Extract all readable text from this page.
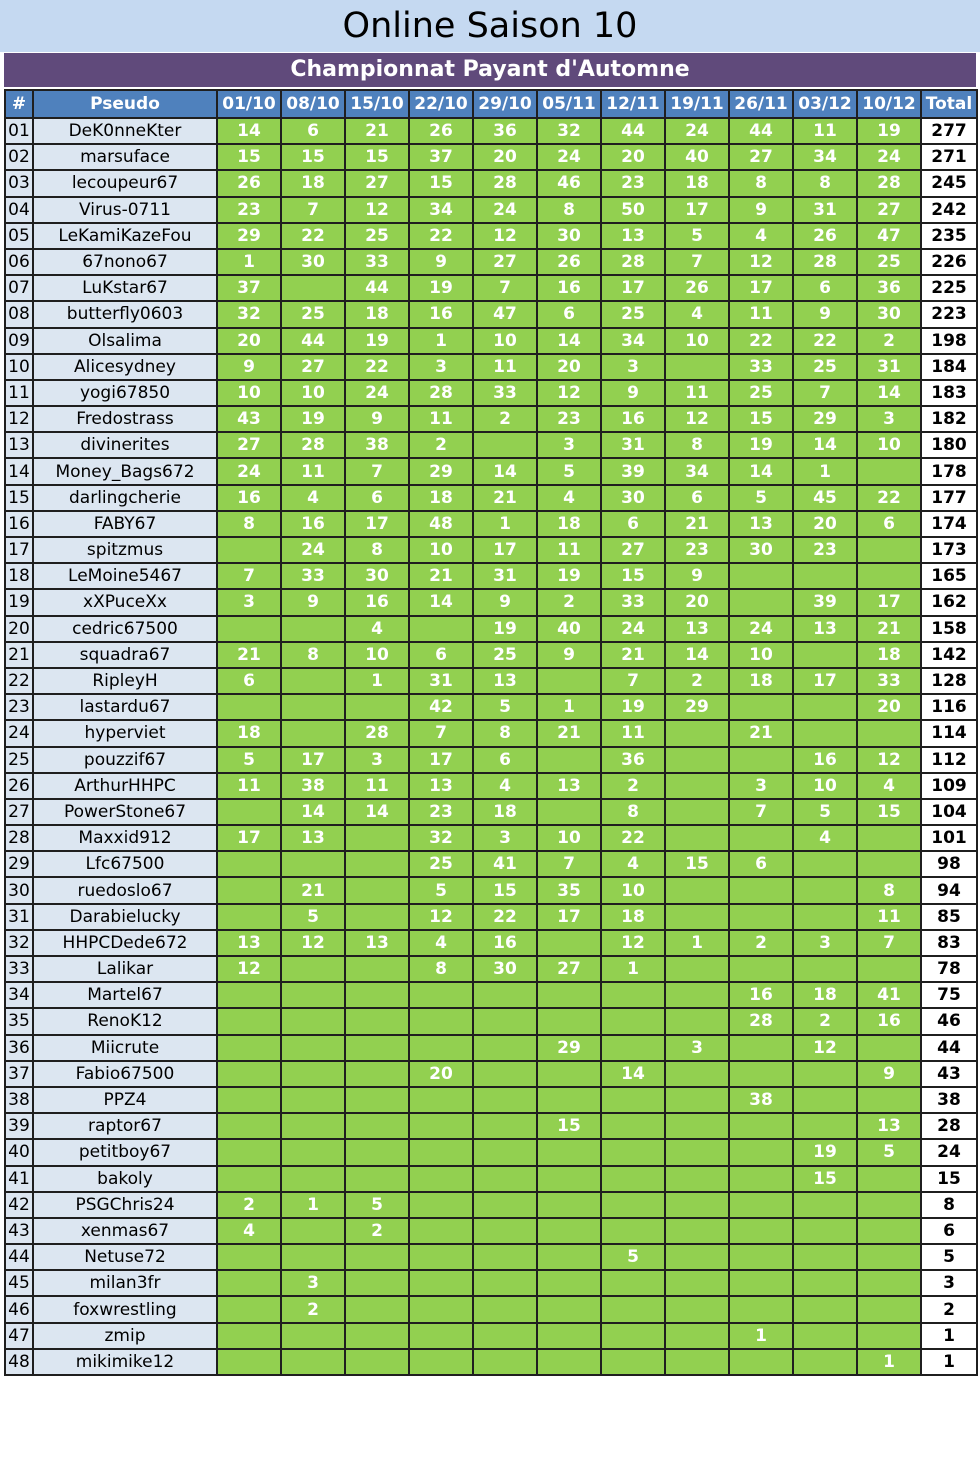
Online Saison 10
Championnat Payant d'Automne
#	Pseudo	01/10	08/10	15/10	22/10	29/10	05/11	12/11	19/11	26/11	03/12	10/12	Total
01	DeK0nneKter	14	6	21	26	36	32	44	24	44	11	19	277
02	marsuface	15	15	15	37	20	24	20	40	27	34	24	271
03	lecoupeur67	26	18	27	15	28	46	23	18	8	8	28	245
04	Virus-0711	23	7	12	34	24	8	50	17	9	31	27	242
05	LeKamiKazeFou	29	22	25	22	12	30	13	5	4	26	47	235
06	67nono67	1	30	33	9	27	26	28	7	12	28	25	226
07	LuKstar67	37		44	19	7	16	17	26	17	6	36	225
08	butterfly0603	32	25	18	16	47	6	25	4	11	9	30	223
09	Olsalima	20	44	19	1	10	14	34	10	22	22	2	198
10	Alicesydney	9	27	22	3	11	20	3		33	25	31	184
11	yogi67850	10	10	24	28	33	12	9	11	25	7	14	183
12	Fredostrass	43	19	9	11	2	23	16	12	15	29	3	182
13	divinerites	27	28	38	2		3	31	8	19	14	10	180
14	Money_Bags672	24	11	7	29	14	5	39	34	14	1		178
15	darlingcherie	16	4	6	18	21	4	30	6	5	45	22	177
16	FABY67	8	16	17	48	1	18	6	21	13	20	6	174
17	spitzmus		24	8	10	17	11	27	23	30	23		173
18	LeMoine5467	7	33	30	21	31	19	15	9				165
19	xXPuceXx	3	9	16	14	9	2	33	20		39	17	162
20	cedric67500			4		19	40	24	13	24	13	21	158
21	squadra67	21	8	10	6	25	9	21	14	10		18	142
22	RipleyH	6		1	31	13		7	2	18	17	33	128
23	lastardu67				42	5	1	19	29			20	116
24	hyperviet	18		28	7	8	21	11		21			114
25	pouzzif67	5	17	3	17	6		36			16	12	112
26	ArthurHHPC	11	38	11	13	4	13	2		3	10	4	109
27	PowerStone67		14	14	23	18		8		7	5	15	104
28	Maxxid912	17	13		32	3	10	22			4		101
29	Lfc67500				25	41	7	4	15	6			98
30	ruedoslo67		21		5	15	35	10				8	94
31	Darabielucky		5		12	22	17	18				11	85
32	HHPCDede672	13	12	13	4	16		12	1	2	3	7	83
33	Lalikar	12			8	30	27	1					78
34	Martel67									16	18	41	75
35	RenoK12									28	2	16	46
36	Miicrute						29		3		12		44
37	Fabio67500				20			14				9	43
38	PPZ4									38			38
39	raptor67						15					13	28
40	petitboy67										19	5	24
41	bakoly										15		15
42	PSGChris24	2	1	5									8
43	xenmas67	4		2									6
44	Netuse72							5					5
45	milan3fr		3										3
46	foxwrestling		2										2
47	zmip									1			1
48	mikimike12											1	1
